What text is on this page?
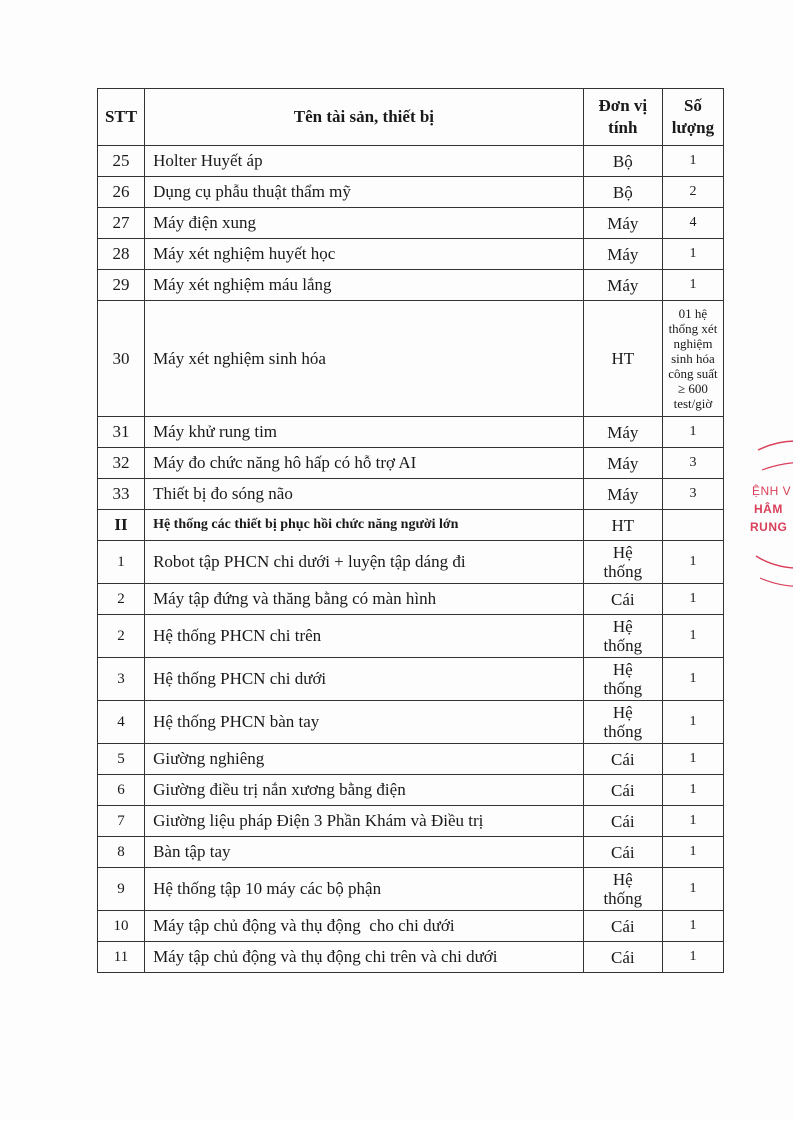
STT	Tên tài sản, thiết bị	Đơn vị tính	Số lượng
25	Holter Huyết áp	Bộ	1
26	Dụng cụ phẫu thuật thẩm mỹ	Bộ	2
27	Máy điện xung	Máy	4
28	Máy xét nghiệm huyết học	Máy	1
29	Máy xét nghiệm máu lắng	Máy	1
30	Máy xét nghiệm sinh hóa	HT	01 hệ thống xét nghiệm sinh hóa công suất ≥ 600 test/giờ
31	Máy khử rung tim	Máy	1
32	Máy đo chức năng hô hấp có hỗ trợ AI	Máy	3
33	Thiết bị đo sóng não	Máy	3
II	Hệ thống các thiết bị phục hồi chức năng người lớn	HT	
1	Robot tập PHCN chi dưới + luyện tập dáng đi	Hệ thống	1
2	Máy tập đứng và thăng bằng có màn hình	Cái	1
2	Hệ thống PHCN chi trên	Hệ thống	1
3	Hệ thống PHCN chi dưới	Hệ thống	1
4	Hệ thống PHCN bàn tay	Hệ thống	1
5	Giường nghiêng	Cái	1
6	Giường điều trị nắn xương bằng điện	Cái	1
7	Giường liệu pháp Điện 3 Phần Khám và Điều trị	Cái	1
8	Bàn tập tay	Cái	1
9	Hệ thống tập 10 máy các bộ phận	Hệ thống	1
10	Máy tập chủ động và thụ động  cho chi dưới	Cái	1
11	Máy tập chủ động và thụ động chi trên và chi dưới	Cái	1
ỆNH V
HÂM
RUNG
